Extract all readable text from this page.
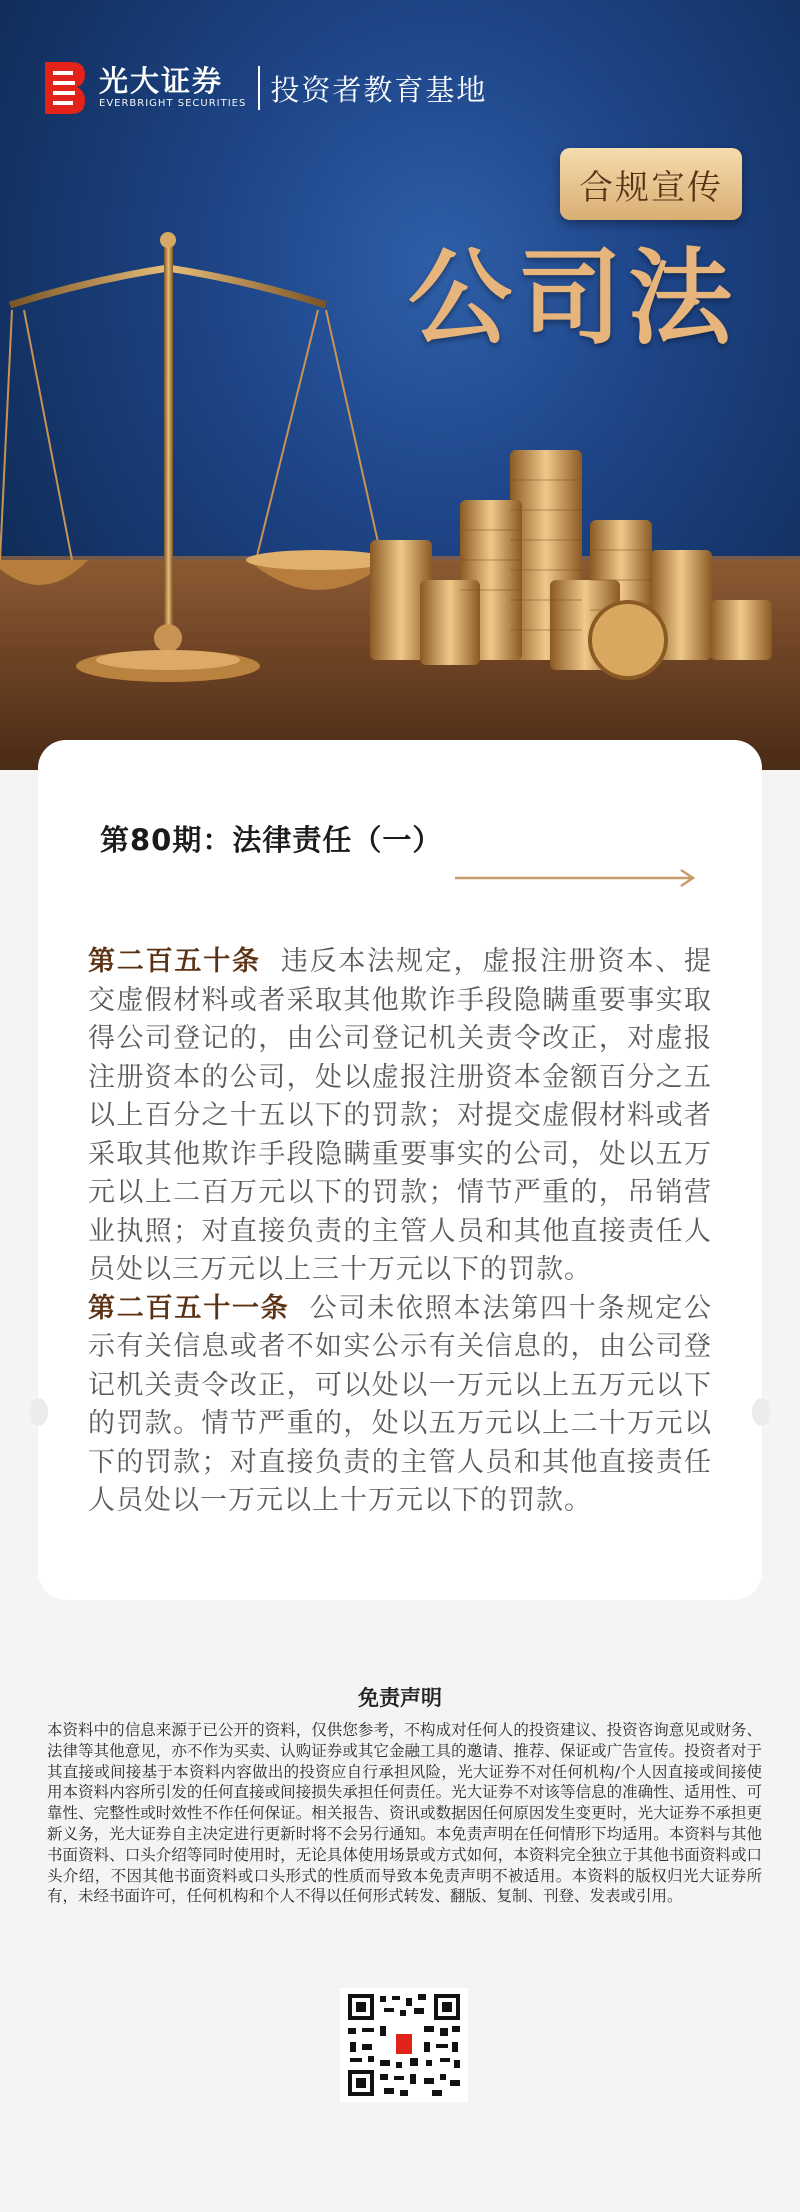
光大证券
EVERBRIGHT SECURITIES 投资者教育基地
合规宣传
公司法
第80期：法律责任（一）

第二百五十条 违反本法规定，虚报注册资本、提交虚假材料或者采取其他欺诈手段隐瞒重要事实取得公司登记的，由公司登记机关责令改正，对虚报注册资本的公司，处以虚报注册资本金额百分之五以上百分之十五以下的罚款；对提交虚假材料或者采取其他欺诈手段隐瞒重要事实的公司，处以五万元以上二百万元以下的罚款；情节严重的，吊销营业执照；对直接负责的主管人员和其他直接责任人员处以三万元以上三十万元以下的罚款。

第二百五十一条 公司未依照本法第四十条规定公示有关信息或者不如实公示有关信息的，由公司登记机关责令改正，可以处以一万元以上五万元以下的罚款。情节严重的，处以五万元以上二十万元以下的罚款；对直接负责的主管人员和其他直接责任人员处以一万元以上十万元以下的罚款。

免责声明
本资料中的信息来源于已公开的资料，仅供您参考，不构成对任何人的投资建议、投资咨询意见或财务、法律等其他意见，亦不作为买卖、认购证券或其它金融工具的邀请、推荐、保证或广告宣传。投资者对于其直接或间接基于本资料内容做出的投资应自行承担风险，光大证券不对任何机构/个人因直接或间接使用本资料内容所引发的任何直接或间接损失承担任何责任。光大证券不对该等信息的准确性、适用性、可靠性、完整性或时效性不作任何保证。相关报告、资讯或数据因任何原因发生变更时，光大证券不承担更新义务，光大证券自主决定进行更新时将不会另行通知。本免责声明在任何情形下均适用。本资料与其他书面资料、口头介绍等同时使用时，无论具体使用场景或方式如何，本资料完全独立于其他书面资料或口头介绍，不因其他书面资料或口头形式的性质而导致本免责声明不被适用。本资料的版权归光大证券所有，未经书面许可，任何机构和个人不得以任何形式转发、翻版、复制、刊登、发表或引用。
